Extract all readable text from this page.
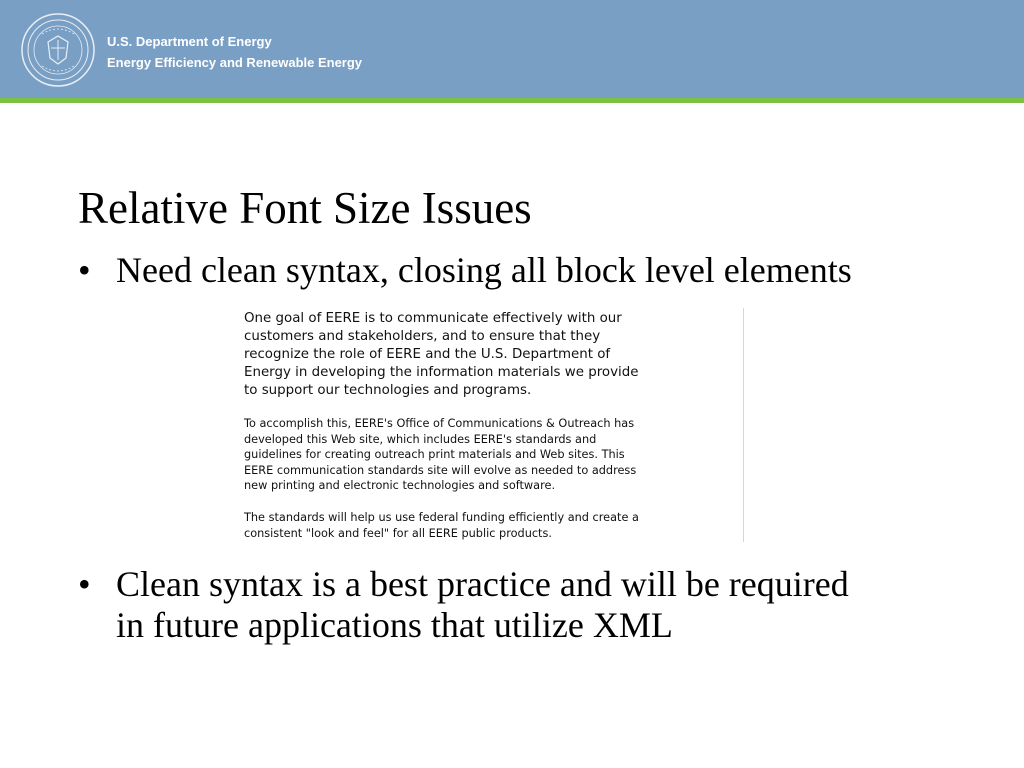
U.S. Department of Energy
Energy Efficiency and Renewable Energy
Relative Font Size Issues
• Need clean syntax, closing all block level elements

One goal of EERE is to communicate effectively with our
customers and stakeholders, and to ensure that they
recognize the role of EERE and the U.S. Department of
Energy in developing the information materials we provide
to support our technologies and programs.

To accomplish this, EERE's Office of Communications & Outreach has
developed this Web site, which includes EERE's standards and
guidelines for creating outreach print materials and Web sites. This
EERE communication standards site will evolve as needed to address
new printing and electronic technologies and software.

The standards will help us use federal funding efficiently and create a
consistent "look and feel" for all EERE public products.

• Clean syntax is a best practice and will be required
in future applications that utilize XML
